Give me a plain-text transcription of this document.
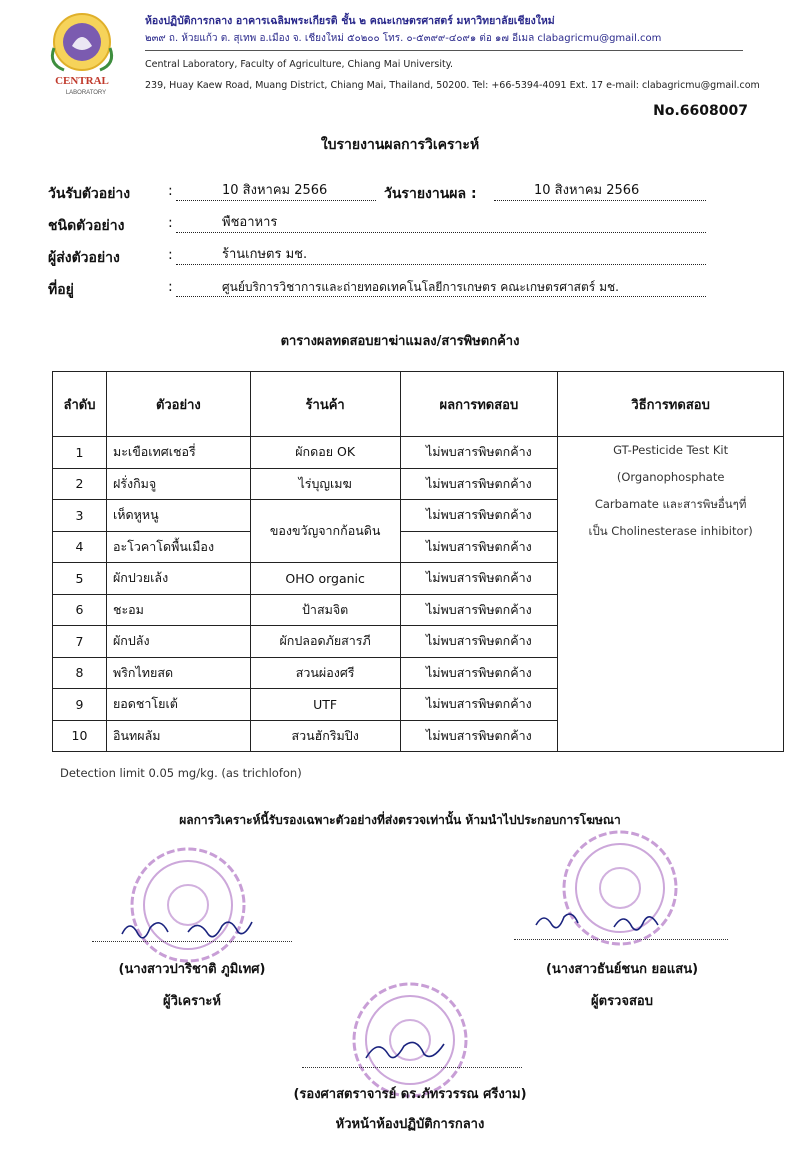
CENTRAL
LABORATORY
ห้องปฏิบัติการกลาง อาคารเฉลิมพระเกียรติ ชั้น ๒ คณะเกษตรศาสตร์ มหาวิทยาลัยเชียงใหม่
๒๓๙ ถ. ห้วยแก้ว ต. สุเทพ อ.เมือง จ. เชียงใหม่ ๕๐๒๐๐ โทร. ๐-๕๓๙๙-๔๐๙๑ ต่อ ๑๗ อีเมล clabagricmu@gmail.com
Central Laboratory, Faculty of Agriculture, Chiang Mai University.
239, Huay Kaew Road, Muang District, Chiang Mai, Thailand, 50200. Tel: +66-5394-4091 Ext. 17 e-mail: clabagricmu@gmail.com
No.6608007
ใบรายงานผลการวิเคราะห์
วันรับตัวอย่าง	:	10 สิงหาคม 2566	วันรายงานผล :	10 สิงหาคม 2566
ชนิดตัวอย่าง	:	พืชอาหาร
ผู้ส่งตัวอย่าง	:	ร้านเกษตร มช.
ที่อยู่	:	ศูนย์บริการวิชาการและถ่ายทอดเทคโนโลยีการเกษตร คณะเกษตรศาสตร์ มช.
ตารางผลทดสอบยาฆ่าแมลง/สารพิษตกค้าง
ลำดับ	ตัวอย่าง	ร้านค้า	ผลการทดสอบ	วิธีการทดสอบ
1	มะเขือเทศเชอรี่	ผักดอย OK	ไม่พบสารพิษตกค้าง	GT-Pesticide Test Kit
(Organophosphate
Carbamate และสารพิษอื่นๆที่
เป็น Cholinesterase inhibitor)

2	ฝรั่งกิมจู	ไร่บุญเมฆ	ไม่พบสารพิษตกค้าง	
3	เห็ดหูหนู	ของขวัญจากก้อนดิน	ไม่พบสารพิษตกค้าง	
4	อะโวคาโดพื้นเมือง		ไม่พบสารพิษตกค้าง	
5	ผักปวยเล้ง	OHO organic	ไม่พบสารพิษตกค้าง	
6	ชะอม	ป้าสมจิต	ไม่พบสารพิษตกค้าง	
7	ผักปลัง	ผักปลอดภัยสารภี	ไม่พบสารพิษตกค้าง	
8	พริกไทยสด	สวนผ่องศรี	ไม่พบสารพิษตกค้าง	
9	ยอดชาโยเต้	UTF	ไม่พบสารพิษตกค้าง	
10	อินทผลัม	สวนฮักริมปิง	ไม่พบสารพิษตกค้าง	
Detection limit 0.05 mg/kg. (as trichlofon)
ผลการวิเคราะห์นี้รับรองเฉพาะตัวอย่างที่ส่งตรวจเท่านั้น ห้ามนำไปประกอบการโฆษณา
(นางสาวปาริชาติ ภูมิเทศ)
ผู้วิเคราะห์
(นางสาวธันย์ชนก ยอแสน)
ผู้ตรวจสอบ
(รองศาสตราจารย์ ดร.ภัทรวรรณ ศรีงาม)
หัวหน้าห้องปฏิบัติการกลาง
